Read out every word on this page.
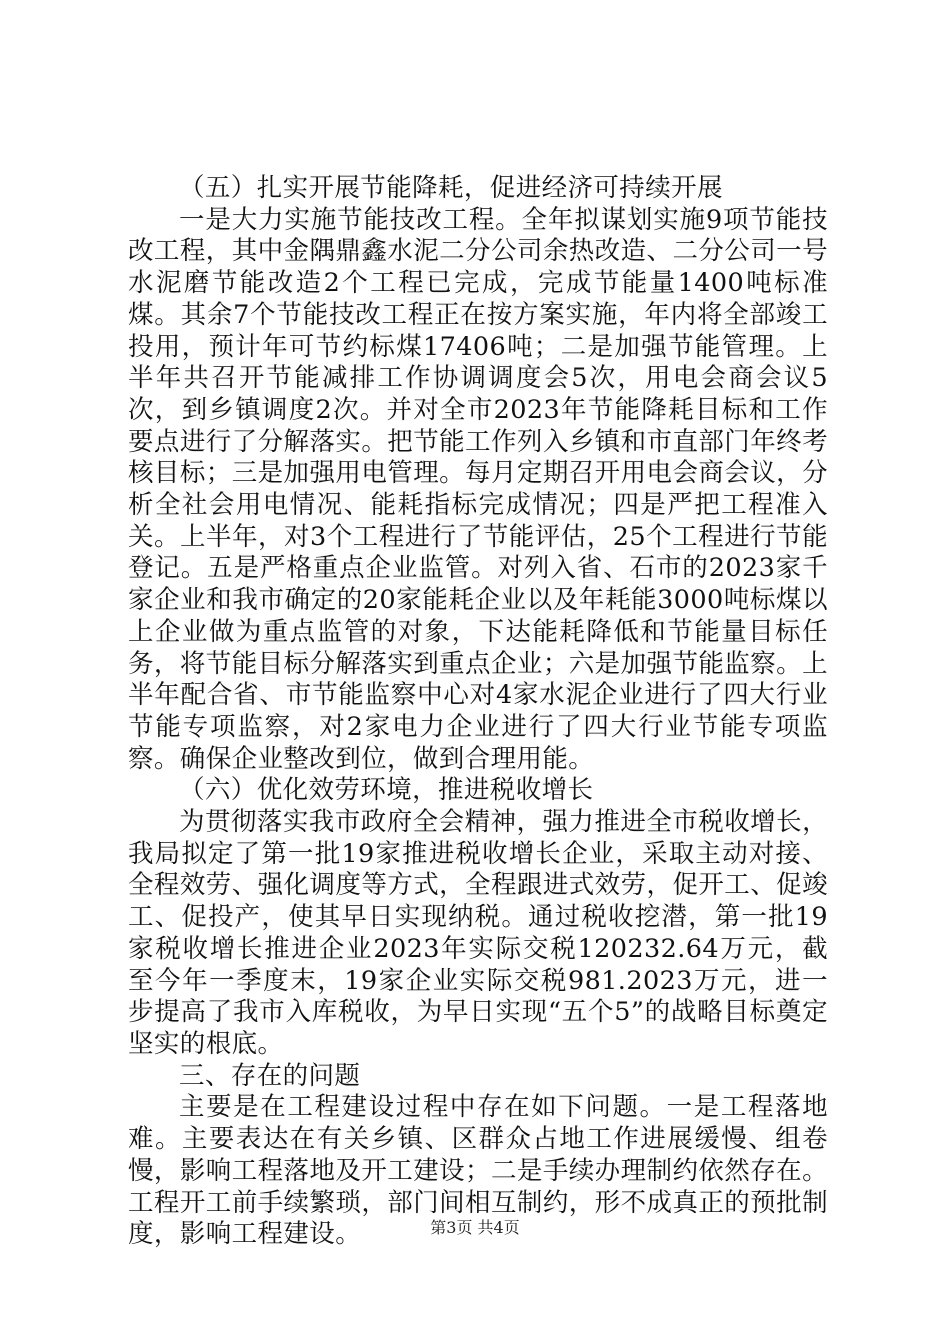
（五）扎实开展节能降耗，促进经济可持续开展

一是大力实施节能技改工程。全年拟谋划实施9项节能技改工程，其中金隅鼎鑫水泥二分公司余热改造、二分公司一号水泥磨节能改造2个工程已完成，完成节能量1400吨标准煤。其余7个节能技改工程正在按方案实施，年内将全部竣工投用，预计年可节约标煤17406吨；二是加强节能管理。上半年共召开节能减排工作协调调度会5次，用电会商会议5次，到乡镇调度2次。并对全市2023年节能降耗目标和工作要点进行了分解落实。把节能工作列入乡镇和市直部门年终考核目标；三是加强用电管理。每月定期召开用电会商会议，分析全社会用电情况、能耗指标完成情况；四是严把工程准入关。上半年，对3个工程进行了节能评估，25个工程进行节能登记。五是严格重点企业监管。对列入省、石市的2023家千家企业和我市确定的20家能耗企业以及年耗能3000吨标煤以上企业做为重点监管的对象，下达能耗降低和节能量目标任务，将节能目标分解落实到重点企业；六是加强节能监察。上半年配合省、市节能监察中心对4家水泥企业进行了四大行业节能专项监察，对2家电力企业进行了四大行业节能专项监察。确保企业整改到位，做到合理用能。

（六）优化效劳环境，推进税收增长

为贯彻落实我市政府全会精神，强力推进全市税收增长，我局拟定了第一批19家推进税收增长企业，采取主动对接、全程效劳、强化调度等方式，全程跟进式效劳，促开工、促竣工、促投产，使其早日实现纳税。通过税收挖潜，第一批19家税收增长推进企业2023年实际交税120232.64万元，截至今年一季度末，19家企业实际交税981.2023万元，进一步提高了我市入库税收，为早日实现“五个5”的战略目标奠定坚实的根底。

三、存在的问题

主要是在工程建设过程中存在如下问题。一是工程落地难。主要表达在有关乡镇、区群众占地工作进展缓慢、组卷慢，影响工程落地及开工建设；二是手续办理制约依然存在。工程开工前手续繁琐，部门间相互制约，形不成真正的预批制度，影响工程建设。	第3页 共4页
